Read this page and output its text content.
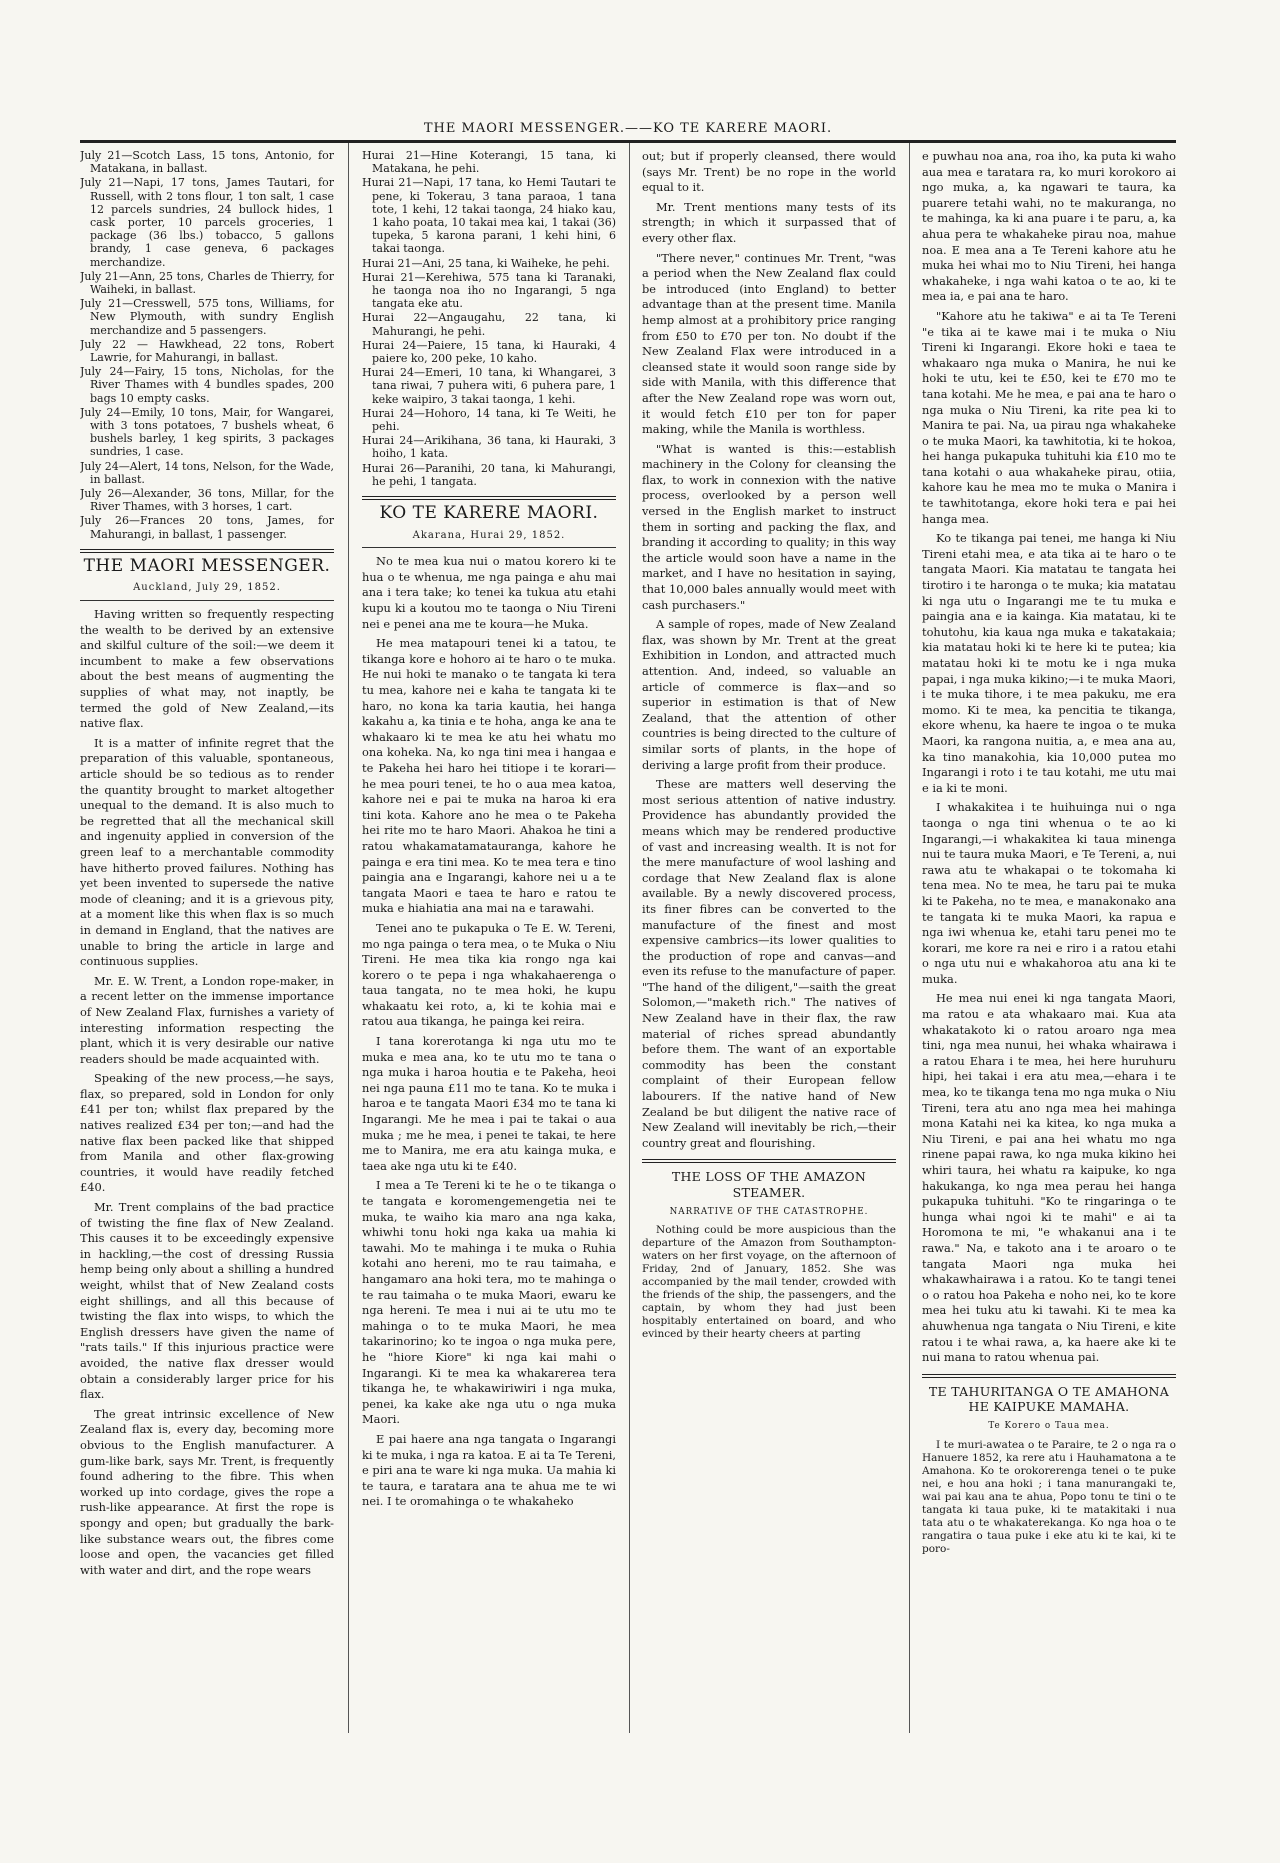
THE MAORI MESSENGER.——KO TE KARERE MAORI.
July 21—Scotch Lass, 15 tons, Antonio, for Matakana, in ballast.
July 21—Napi, 17 tons, James Tautari, for Russell, with 2 tons flour, 1 ton salt, 1 case 12 parcels sundries, 24 bullock hides, 1 cask porter, 10 parcels groceries, 1 package (36 lbs.) tobacco, 5 gallons brandy, 1 case geneva, 6 packages merchandize.
July 21—Ann, 25 tons, Charles de Thierry, for Waiheki, in ballast.
July 21—Cresswell, 575 tons, Williams, for New Plymouth, with sundry English merchandize and 5 passengers.
July 22 — Hawkhead, 22 tons, Robert Lawrie, for Mahurangi, in ballast.
July 24—Fairy, 15 tons, Nicholas, for the River Thames with 4 bundles spades, 200 bags 10 empty casks.
July 24—Emily, 10 tons, Mair, for Wangarei, with 3 tons potatoes, 7 bushels wheat, 6 bushels barley, 1 keg spirits, 3 packages sundries, 1 case.
July 24—Alert, 14 tons, Nelson, for the Wade, in ballast.
July 26—Alexander, 36 tons, Millar, for the River Thames, with 3 horses, 1 cart.
July 26—Frances 20 tons, James, for Mahurangi, in ballast, 1 passenger.
THE MAORI MESSENGER.
Auckland, July 29, 1852.

Having written so frequently respecting the wealth to be derived by an extensive and skilful culture of the soil:—we deem it incumbent to make a few observations about the best means of augmenting the supplies of what may, not inaptly, be termed the gold of New Zealand,—its native flax.

It is a matter of infinite regret that the preparation of this valuable, spontaneous, article should be so tedious as to render the quantity brought to market altogether unequal to the demand. It is also much to be regretted that all the mechanical skill and ingenuity applied in conversion of the green leaf to a merchantable commodity have hitherto proved failures. Nothing has yet been invented to supersede the native mode of cleaning; and it is a grievous pity, at a moment like this when flax is so much in demand in England, that the natives are unable to bring the article in large and continuous supplies.

Mr. E. W. Trent, a London rope-maker, in a recent letter on the immense importance of New Zealand Flax, furnishes a variety of interesting information respecting the plant, which it is very desirable our native readers should be made acquainted with.

Speaking of the new process,—he says, flax, so prepared, sold in London for only £41 per ton; whilst flax prepared by the natives realized £34 per ton;—and had the native flax been packed like that shipped from Manila and other flax-growing countries, it would have readily fetched £40.

Mr. Trent complains of the bad practice of twisting the fine flax of New Zealand. This causes it to be exceedingly expensive in hackling,—the cost of dressing Russia hemp being only about a shilling a hundred weight, whilst that of New Zealand costs eight shillings, and all this because of twisting the flax into wisps, to which the English dressers have given the name of "rats tails." If this injurious practice were avoided, the native flax dresser would obtain a considerably larger price for his flax.

The great intrinsic excellence of New Zealand flax is, every day, becoming more obvious to the English manufacturer. A gum-like bark, says Mr. Trent, is frequently found adhering to the fibre. This when worked up into cordage, gives the rope a rush-like appearance. At first the rope is spongy and open; but gradually the bark-like substance wears out, the fibres come loose and open, the vacancies get filled with water and dirt, and the rope wears

Hurai 21—Hine Koterangi, 15 tana, ki Matakana, he pehi.
Hurai 21—Napi, 17 tana, ko Hemi Tautari te pene, ki Tokerau, 3 tana paraoa, 1 tana tote, 1 kehi, 12 takai taonga, 24 hiako kau, 1 kaho poata, 10 takai mea kai, 1 takai (36) tupeka, 5 karona parani, 1 kehi hini, 6 takai taonga.
Hurai 21—Ani, 25 tana, ki Waiheke, he pehi.
Hurai 21—Kerehiwa, 575 tana ki Taranaki, he taonga noa iho no Ingarangi, 5 nga tangata eke atu.
Hurai 22—Angaugahu, 22 tana, ki Mahurangi, he pehi.
Hurai 24—Paiere, 15 tana, ki Hauraki, 4 paiere ko, 200 peke, 10 kaho.
Hurai 24—Emeri, 10 tana, ki Whangarei, 3 tana riwai, 7 puhera witi, 6 puhera pare, 1 keke waipiro, 3 takai taonga, 1 kehi.
Hurai 24—Hohoro, 14 tana, ki Te Weiti, he pehi.
Hurai 24—Arikihana, 36 tana, ki Hauraki, 3 hoiho, 1 kata.
Hurai 26—Paranihi, 20 tana, ki Mahurangi, he pehi, 1 tangata.
KO TE KARERE MAORI.
Akarana, Hurai 29, 1852.

No te mea kua nui o matou korero ki te hua o te whenua, me nga painga e ahu mai ana i tera take; ko tenei ka tukua atu etahi kupu ki a koutou mo te taonga o Niu Tireni nei e penei ana me te koura—he Muka.

He mea matapouri tenei ki a tatou, te tikanga kore e hohoro ai te haro o te muka. He nui hoki te manako o te tangata ki tera tu mea, kahore nei e kaha te tangata ki te haro, no kona ka taria kautia, hei hanga kakahu a, ka tinia e te hoha, anga ke ana te whakaaro ki te mea ke atu hei whatu mo ona koheka. Na, ko nga tini mea i hangaa e te Pakeha hei haro hei titiope i te korari—he mea pouri tenei, te ho o aua mea katoa, kahore nei e pai te muka na haroa ki era tini kota. Kahore ano he mea o te Pakeha hei rite mo te haro Maori. Ahakoa he tini a ratou whakamatamatauranga, kahore he painga e era tini mea. Ko te mea tera e tino paingia ana e Ingarangi, kahore nei u a te tangata Maori e taea te haro e ratou te muka e hiahiatia ana mai na e tarawahi.

Tenei ano te pukapuka o Te E. W. Tereni, mo nga painga o tera mea, o te Muka o Niu Tireni. He mea tika kia rongo nga kai korero o te pepa i nga whakahaerenga o taua tangata, no te mea hoki, he kupu whakaatu kei roto, a, ki te kohia mai e ratou aua tikanga, he painga kei reira.

I tana korerotanga ki nga utu mo te muka e mea ana, ko te utu mo te tana o nga muka i haroa houtia e te Pakeha, heoi nei nga pauna £11 mo te tana. Ko te muka i haroa e te tangata Maori £34 mo te tana ki Ingarangi. Me he mea i pai te takai o aua muka ; me he mea, i penei te takai, te here me to Manira, me era atu kainga muka, e taea ake nga utu ki te £40.

I mea a Te Tereni ki te he o te tikanga o te tangata e koromengemengetia nei te muka, te waiho kia maro ana nga kaka, whiwhi tonu hoki nga kaka ua mahia ki tawahi. Mo te mahinga i te muka o Ruhia kotahi ano hereni, mo te rau taimaha, e hangamaro ana hoki tera, mo te mahinga o te rau taimaha o te muka Maori, ewaru ke nga hereni. Te mea i nui ai te utu mo te mahinga o to te muka Maori, he mea takarinorino; ko te ingoa o nga muka pere, he "hiore Kiore" ki nga kai mahi o Ingarangi. Ki te mea ka whakarerea tera tikanga he, te whakawiriwiri i nga muka, penei, ka kake ake nga utu o nga muka Maori.

E pai haere ana nga tangata o Ingarangi ki te muka, i nga ra katoa. E ai ta Te Tereni, e piri ana te ware ki nga muka. Ua mahia ki te taura, e taratara ana te ahua me te wi nei. I te oromahinga o te whakaheko

out; but if properly cleansed, there would (says Mr. Trent) be no rope in the world equal to it.

Mr. Trent mentions many tests of its strength; in which it surpassed that of every other flax.

"There never," continues Mr. Trent, "was a period when the New Zealand flax could be introduced (into England) to better advantage than at the present time. Manila hemp almost at a prohibitory price ranging from £50 to £70 per ton. No doubt if the New Zealand Flax were introduced in a cleansed state it would soon range side by side with Manila, with this difference that after the New Zealand rope was worn out, it would fetch £10 per ton for paper making, while the Manila is worthless.

"What is wanted is this:—establish machinery in the Colony for cleansing the flax, to work in connexion with the native process, overlooked by a person well versed in the English market to instruct them in sorting and packing the flax, and branding it according to quality; in this way the article would soon have a name in the market, and I have no hesitation in saying, that 10,000 bales annually would meet with cash purchasers."

A sample of ropes, made of New Zealand flax, was shown by Mr. Trent at the great Exhibition in London, and attracted much attention. And, indeed, so valuable an article of commerce is flax—and so superior in estimation is that of New Zealand, that the attention of other countries is being directed to the culture of similar sorts of plants, in the hope of deriving a large profit from their produce.

These are matters well deserving the most serious attention of native industry. Providence has abundantly provided the means which may be rendered productive of vast and increasing wealth. It is not for the mere manufacture of wool lashing and cordage that New Zealand flax is alone available. By a newly discovered process, its finer fibres can be converted to the manufacture of the finest and most expensive cambrics—its lower qualities to the production of rope and canvas—and even its refuse to the manufacture of paper. "The hand of the diligent,"—saith the great Solomon,—"maketh rich." The natives of New Zealand have in their flax, the raw material of riches spread abundantly before them. The want of an exportable commodity has been the constant complaint of their European fellow labourers. If the native hand of New Zealand be but diligent the native race of New Zealand will inevitably be rich,—their country great and flourishing.

THE LOSS OF THE AMAZON STEAMER.
NARRATIVE OF THE CATASTROPHE.

Nothing could be more auspicious than the departure of the Amazon from Southampton-waters on her first voyage, on the afternoon of Friday, 2nd of January, 1852. She was accompanied by the mail tender, crowded with the friends of the ship, the passengers, and the captain, by whom they had just been hospitably entertained on board, and who evinced by their hearty cheers at parting

e puwhau noa ana, roa iho, ka puta ki waho aua mea e taratara ra, ko muri korokoro ai ngo muka, a, ka ngawari te taura, ka puarere tetahi wahi, no te makuranga, no te mahinga, ka ki ana puare i te paru, a, ka ahua pera te whakaheke pirau noa, mahue noa. E mea ana a Te Tereni kahore atu he muka hei whai mo to Niu Tireni, hei hanga whakaheke, i nga wahi katoa o te ao, ki te mea ia, e pai ana te haro.

"Kahore atu he takiwa" e ai ta Te Tereni "e tika ai te kawe mai i te muka o Niu Tireni ki Ingarangi. Ekore hoki e taea te whakaaro nga muka o Manira, he nui ke hoki te utu, kei te £50, kei te £70 mo te tana kotahi. Me he mea, e pai ana te haro o nga muka o Niu Tireni, ka rite pea ki to Manira te pai. Na, ua pirau nga whakaheke o te muka Maori, ka tawhitotia, ki te hokoa, hei hanga pukapuka tuhituhi kia £10 mo te tana kotahi o aua whakaheke pirau, otiia, kahore kau he mea mo te muka o Manira i te tawhitotanga, ekore hoki tera e pai hei hanga mea.

Ko te tikanga pai tenei, me hanga ki Niu Tireni etahi mea, e ata tika ai te haro o te tangata Maori. Kia matatau te tangata hei tirotiro i te haronga o te muka; kia matatau ki nga utu o Ingarangi me te tu muka e paingia ana e ia kainga. Kia matatau, ki te tohutohu, kia kaua nga muka e takatakaia; kia matatau hoki ki te here ki te putea; kia matatau hoki ki te motu ke i nga muka papai, i nga muka kikino;—i te muka Maori, i te muka tihore, i te mea pakuku, me era momo. Ki te mea, ka pencitia te tikanga, ekore whenu, ka haere te ingoa o te muka Maori, ka rangona nuitia, a, e mea ana au, ka tino manakohia, kia 10,000 putea mo Ingarangi i roto i te tau kotahi, me utu mai e ia ki te moni.

I whakakitea i te huihuinga nui o nga taonga o nga tini whenua o te ao ki Ingarangi,—i whakakitea ki taua minenga nui te taura muka Maori, e Te Tereni, a, nui rawa atu te whakapai o te tokomaha ki tena mea. No te mea, he taru pai te muka ki te Pakeha, no te mea, e manakonako ana te tangata ki te muka Maori, ka rapua e nga iwi whenua ke, etahi taru penei mo te korari, me kore ra nei e riro i a ratou etahi o nga utu nui e whakahoroa atu ana ki te muka.

He mea nui enei ki nga tangata Maori, ma ratou e ata whakaaro mai. Kua ata whakatakoto ki o ratou aroaro nga mea tini, nga mea nunui, hei whaka whairawa i a ratou Ehara i te mea, hei here huruhuru hipi, hei takai i era atu mea,—ehara i te mea, ko te tikanga tena mo nga muka o Niu Tireni, tera atu ano nga mea hei mahinga mona Katahi nei ka kitea, ko nga muka a Niu Tireni, e pai ana hei whatu mo nga rinene papai rawa, ko nga muka kikino hei whiri taura, hei whatu ra kaipuke, ko nga hakukanga, ko nga mea perau hei hanga pukapuka tuhituhi. "Ko te ringaringa o te hunga whai ngoi ki te mahi" e ai ta Horomona te mi, "e whakanui ana i te rawa." Na, e takoto ana i te aroaro o te tangata Maori nga muka hei whakawhairawa i a ratou. Ko te tangi tenei o o ratou hoa Pakeha e noho nei, ko te kore mea hei tuku atu ki tawahi. Ki te mea ka ahuwhenua nga tangata o Niu Tireni, e kite ratou i te whai rawa, a, ka haere ake ki te nui mana to ratou whenua pai.

TE TAHURITANGA O TE AMAHONA HE KAIPUKE MAMAHA.
Te Korero o Taua mea.

I te muri-awatea o te Paraire, te 2 o nga ra o Hanuere 1852, ka rere atu i Hauhamatona a te Amahona. Ko te orokorerenga tenei o te puke nei, e hou ana hoki ; i tana manurangaki te, wai pai kau ana te ahua, Popo tonu te tini o te tangata ki taua puke, ki te matakitaki i nua tata atu o te whakaterekanga. Ko nga hoa o te rangatira o taua puke i eke atu ki te kai, ki te poro-
